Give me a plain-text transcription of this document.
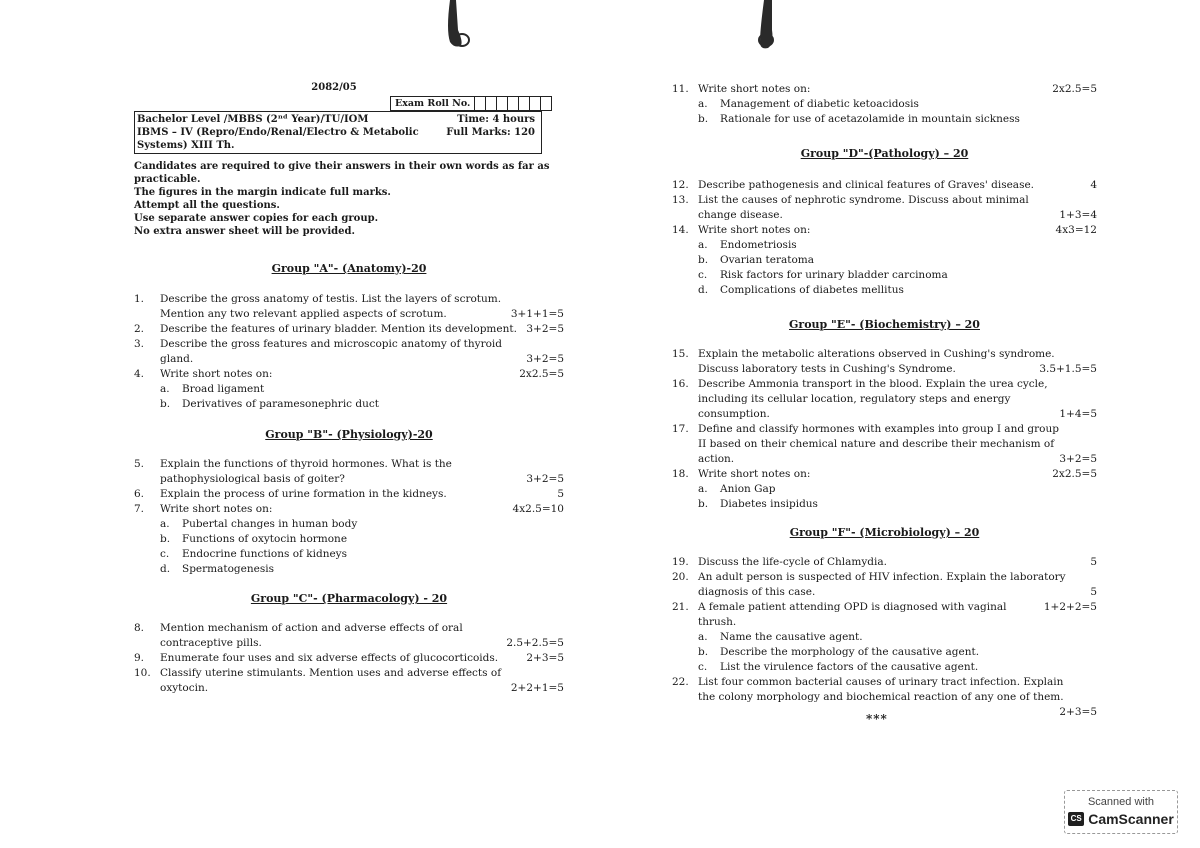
2082/05
Exam Roll No.
Bachelor Level /MBBS (2ⁿᵈ Year)/TU/IOM	Time: 4 hours
IBMS – IV (Repro/Endo/Renal/Electro & Metabolic	Full Marks: 120
Systems) XIII Th.
Candidates are required to give their answers in their own words as far as
practicable.
The figures in the margin indicate full marks.
Attempt all the questions.
Use separate answer copies for each group.
No extra answer sheet will be provided.
Group "A"- (Anatomy)-20
1.	Describe the gross anatomy of testis. List the layers of scrotum.
Mention any two relevant applied aspects of scrotum.	3+1+1=5
2.	Describe the features of urinary bladder. Mention its development. 3+2=5
3.	Describe the gross features and microscopic anatomy of thyroid
gland.	3+2=5
4.	Write short notes on:	2x2.5=5
a.	Broad ligament
b.	Derivatives of paramesonephric duct
Group "B"- (Physiology)-20
5.	Explain the functions of thyroid hormones. What is the
pathophysiological basis of goiter?	3+2=5
6.	Explain the process of urine formation in the kidneys.	5
7.	Write short notes on:	4x2.5=10
a.	Pubertal changes in human body
b.	Functions of oxytocin hormone
c.	Endocrine functions of kidneys
d.	Spermatogenesis
Group "C"- (Pharmacology) - 20
8.	Mention mechanism of action and adverse effects of oral
contraceptive pills.	2.5+2.5=5
9.	Enumerate four uses and six adverse effects of glucocorticoids.	2+3=5
10. Classify uterine stimulants. Mention uses and adverse effects of
oxytocin.	2+2+1=5
11. Write short notes on:	2x2.5=5
a.	Management of diabetic ketoacidosis
b.	Rationale for use of acetazolamide in mountain sickness
Group "D"-(Pathology) – 20
12. Describe pathogenesis and clinical features of Graves' disease.	4
13. List the causes of nephrotic syndrome. Discuss about minimal
change disease.	1+3=4
14. Write short notes on:	4x3=12
a.	Endometriosis
b.	Ovarian teratoma
c.	Risk factors for urinary bladder carcinoma
d.	Complications of diabetes mellitus
Group "E"- (Biochemistry) – 20
15. Explain the metabolic alterations observed in Cushing's syndrome.
Discuss laboratory tests in Cushing's Syndrome.	3.5+1.5=5
16. Describe Ammonia transport in the blood. Explain the urea cycle,
including its cellular location, regulatory steps and energy
consumption.	1+4=5
17. Define and classify hormones with examples into group I and group
II based on their chemical nature and describe their mechanism of
action.	3+2=5
18. Write short notes on:	2x2.5=5
a.	Anion Gap
b.	Diabetes insipidus
Group "F"- (Microbiology) – 20
19. Discuss the life-cycle of Chlamydia.	5
20. An adult person is suspected of HIV infection. Explain the laboratory
diagnosis of this case.	5
21. A female patient attending OPD is diagnosed with vaginal thrush.
1+2+2=5
a.	Name the causative agent.
b.	Describe the morphology of the causative agent.
c.	List the virulence factors of the causative agent.
22. List four common bacterial causes of urinary tract infection. Explain
the colony morphology and biochemical reaction of any one of them.
2+3=5
***
Scanned with
CS CamScanner
